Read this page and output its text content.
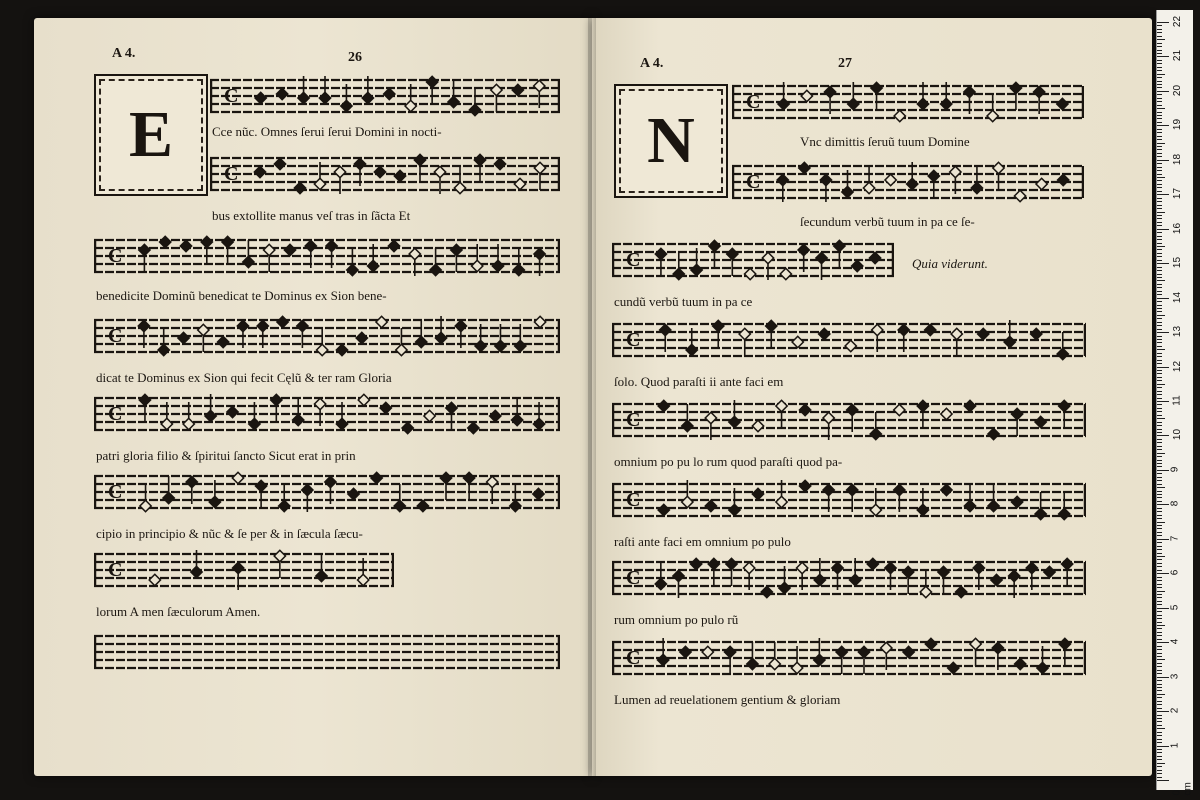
A 4.	26
E
C
Cce nũc. Omnes ſerui ſerui Domini in nocti-
C
bus extollite manus veſ tras in ſãcta Et
C
benedicite Dominũ benedicat te Dominus ex Sion bene-
C
dicat te Dominus ex Sion qui fecit Cęlũ & ter ram Gloria
C
patri gloria filio & ſpiritui ſancto Sicut erat in prin
C
cipio in principio & nũc & ſe per & in ſæcula ſæcu-
C
lorum A men ſæculorum Amen.
A 4.	27
N
C
Vnc dimittis ſeruũ tuum Domine
C
ſecundum verbũ tuum in pa ce ſe-
C	Quia viderunt.
cundũ verbũ tuum in pa ce
C
ſolo. Quod paraſti ii ante faci em
C
omnium po pu lo rum quod paraſti quod pa-
C
raſti ante faci em omnium po pulo
C
rum omnium po pulo rũ
C
Lumen ad reuelationem gentium & gloriam
0 cm
1
2
3
4
5
6
7
8
9
10
11
12
13
14
15
16
17
18
19
20
21
22
